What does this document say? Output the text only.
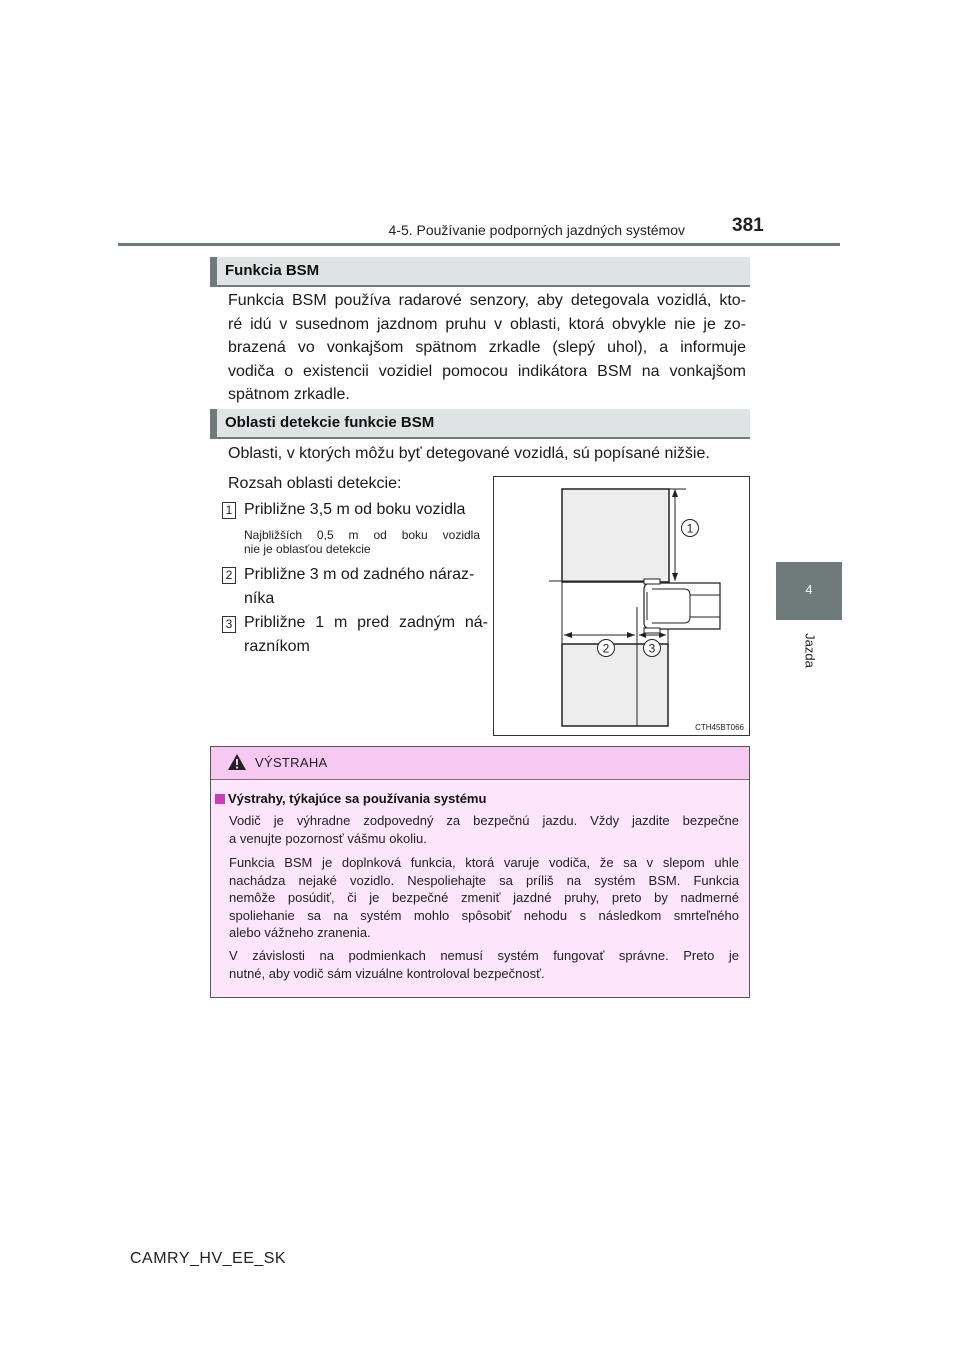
4-5. Používanie podporných jazdných systémov 381
4
Jazda
Funkcia BSM
Funkcia BSM používa radarové senzory, aby detegovala vozidlá, kto-
ré idú v susednom jazdnom pruhu v oblasti, ktorá obvykle nie je zo-
brazená vo vonkajšom spätnom zrkadle (slepý uhol), a informuje
vodiča o existencii vozidiel pomocou indikátora BSM na vonkajšom
spätnom zrkadle.
Oblasti detekcie funkcie BSM
Oblasti, v ktorých môžu byť detegované vozidlá, sú popísané nižšie.
Rozsah oblasti detekcie:
1 Približne 3,5 m od boku vozidla
Najbližších 0,5 m od boku vozidla
nie je oblasťou detekcie
2 Približne 3 m od zadného náraz-
níka
3 Približne 1 m pred zadným ná-
razníkom
1
2	3
CTH45BT066
VÝSTRAHA
Výstrahy, týkajúce sa používania systému
Vodič je výhradne zodpovedný za bezpečnú jazdu. Vždy jazdite bezpečne
a venujte pozornosť vášmu okoliu.
Funkcia BSM je doplnková funkcia, ktorá varuje vodiča, že sa v slepom uhle
nachádza nejaké vozidlo. Nespoliehajte sa príliš na systém BSM. Funkcia
nemôže posúdiť, či je bezpečné zmeniť jazdné pruhy, preto by nadmerné
spoliehanie sa na systém mohlo spôsobiť nehodu s následkom smrteľného
alebo vážneho zranenia.
V závislosti na podmienkach nemusí systém fungovať správne. Preto je
nutné, aby vodič sám vizuálne kontroloval bezpečnosť.
CAMRY_HV_EE_SK
